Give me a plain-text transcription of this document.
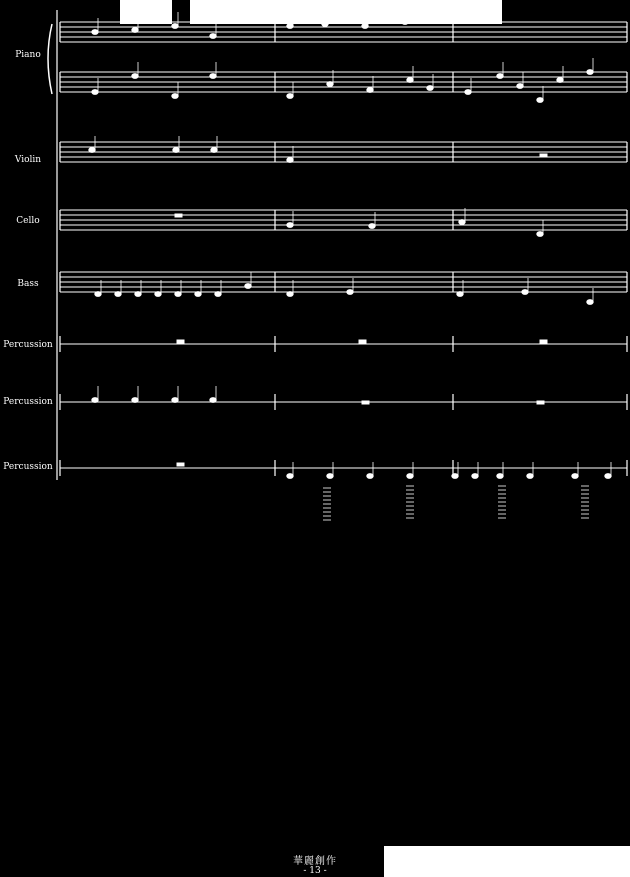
Piano
Violin
Cello
Bass
Percussion
Percussion
Percussion
華麗創作
- 13 -
